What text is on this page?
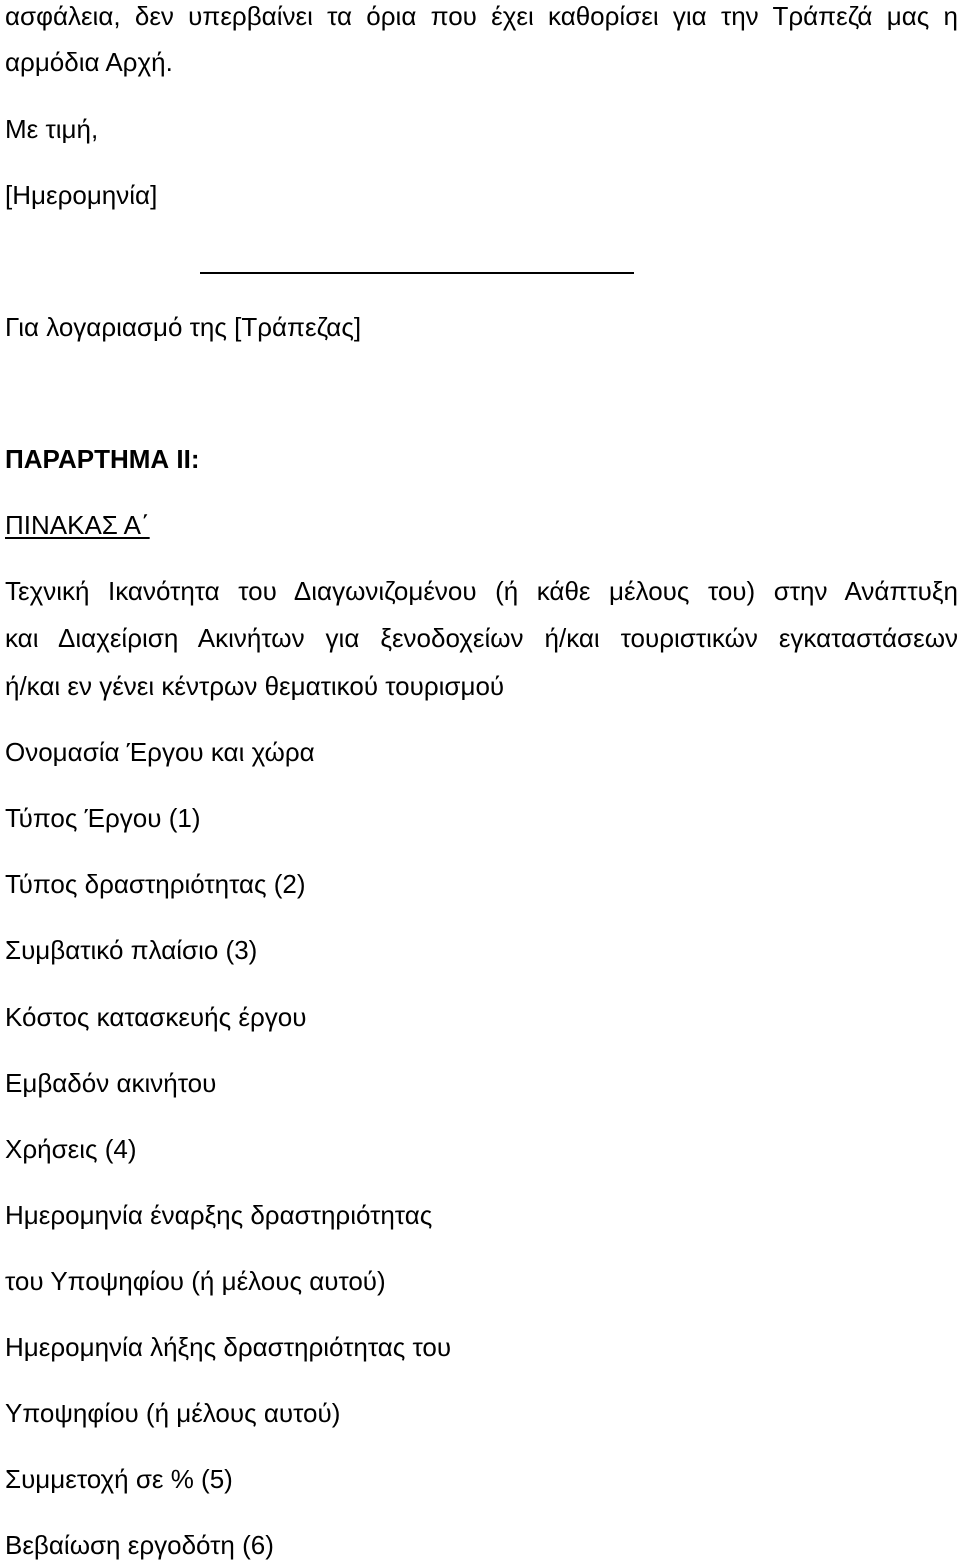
ασφάλεια, δεν υπερβαίνει τα όρια που έχει καθορίσει για την Τράπεζά μας η
αρμόδια Αρχή.
Με τιμή,
[Ημερομηνία]
Για λογαριασμό της [Τράπεζας]
ΠΑΡΑΡΤΗΜΑ ΙΙ:
ΠΙΝΑΚΑΣ Α΄
Τεχνική Ικανότητα του Διαγωνιζομένου (ή κάθε μέλους του) στην Ανάπτυξη
και Διαχείριση Ακινήτων για ξενοδοχείων ή/και τουριστικών εγκαταστάσεων
ή/και εν γένει κέντρων θεματικού τουρισμού
Ονομασία Έργου και χώρα
Τύπος Έργου (1)
Τύπος δραστηριότητας (2)
Συμβατικό πλαίσιο (3)
Κόστος κατασκευής έργου
Εμβαδόν ακινήτου
Χρήσεις (4)
Ημερομηνία έναρξης δραστηριότητας
του Υποψηφίου (ή μέλους αυτού)
Ημερομηνία λήξης δραστηριότητας του
Υποψηφίου (ή μέλους αυτού)
Συμμετοχή σε % (5)
Βεβαίωση εργοδότη (6)
